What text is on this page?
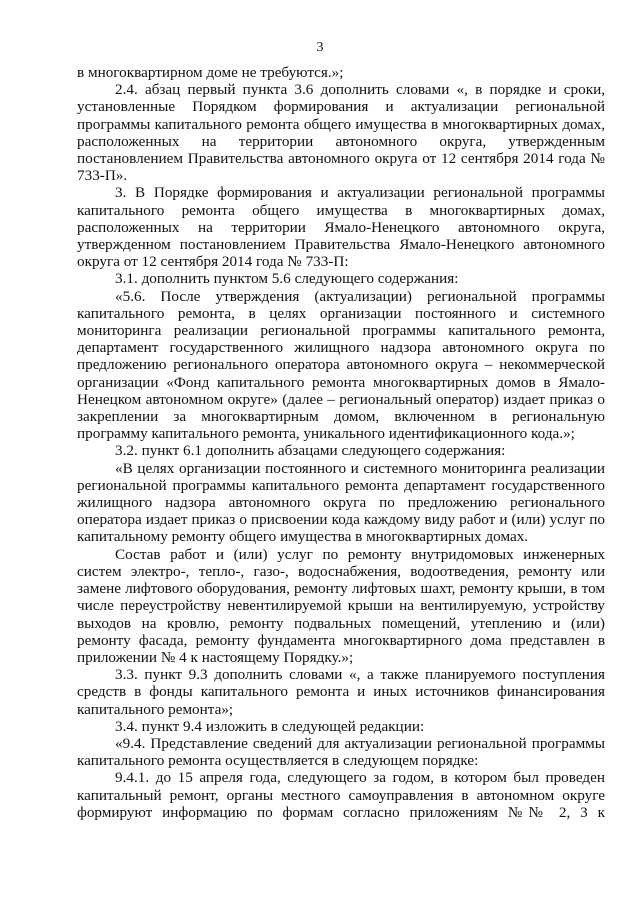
3

в многоквартирном доме не требуются.»;

2.4. абзац первый пункта 3.6 дополнить словами «, в порядке и сроки, установленные Порядком формирования и актуализации региональной программы капитального ремонта общего имущества в многоквартирных домах, расположенных на территории автономного округа, утвержденным постановлением Правительства автономного округа от 12 сентября 2014 года № 733-П».

3. В Порядке формирования и актуализации региональной программы капитального ремонта общего имущества в многоквартирных домах, расположенных на территории Ямало-Ненецкого автономного округа, утвержденном постановлением Правительства Ямало-Ненецкого автономного округа от 12 сентября 2014 года № 733-П:

3.1. дополнить пунктом 5.6 следующего содержания:

«5.6. После утверждения (актуализации) региональной программы капитального ремонта, в целях организации постоянного и системного мониторинга реализации региональной программы капитального ремонта, департамент государственного жилищного надзора автономного округа по предложению регионального оператора автономного округа – некоммерческой организации «Фонд капитального ремонта многоквартирных домов в Ямало-Ненецком автономном округе» (далее – региональный оператор) издает приказ о закреплении за многоквартирным домом, включенном в региональную программу капитального ремонта, уникального идентификационного кода.»;

3.2. пункт 6.1 дополнить абзацами следующего содержания:

«В целях организации постоянного и системного мониторинга реализации региональной программы капитального ремонта департамент государственного жилищного надзора автономного округа по предложению регионального оператора издает приказ о присвоении кода каждому виду работ и (или) услуг по капитальному ремонту общего имущества в многоквартирных домах.

Состав работ и (или) услуг по ремонту внутридомовых инженерных систем электро-, тепло-, газо-, водоснабжения, водоотведения, ремонту или замене лифтового оборудования, ремонту лифтовых шахт, ремонту крыши, в том числе переустройству невентилируемой крыши на вентилируемую, устройству выходов на кровлю, ремонту подвальных помещений, утеплению и (или) ремонту фасада, ремонту фундамента многоквартирного дома представлен в приложении № 4 к настоящему Порядку.»;

3.3. пункт 9.3 дополнить словами «, а также планируемого поступления средств в фонды капитального ремонта и иных источников финансирования капитального ремонта»;

3.4. пункт 9.4 изложить в следующей редакции:

«9.4. Представление сведений для актуализации региональной программы капитального ремонта осуществляется в следующем порядке:

9.4.1. до 15 апреля года, следующего за годом, в котором был проведен капитальный ремонт, органы местного самоуправления в автономном округе формируют информацию по формам согласно приложениям №№ 2, 3 к
